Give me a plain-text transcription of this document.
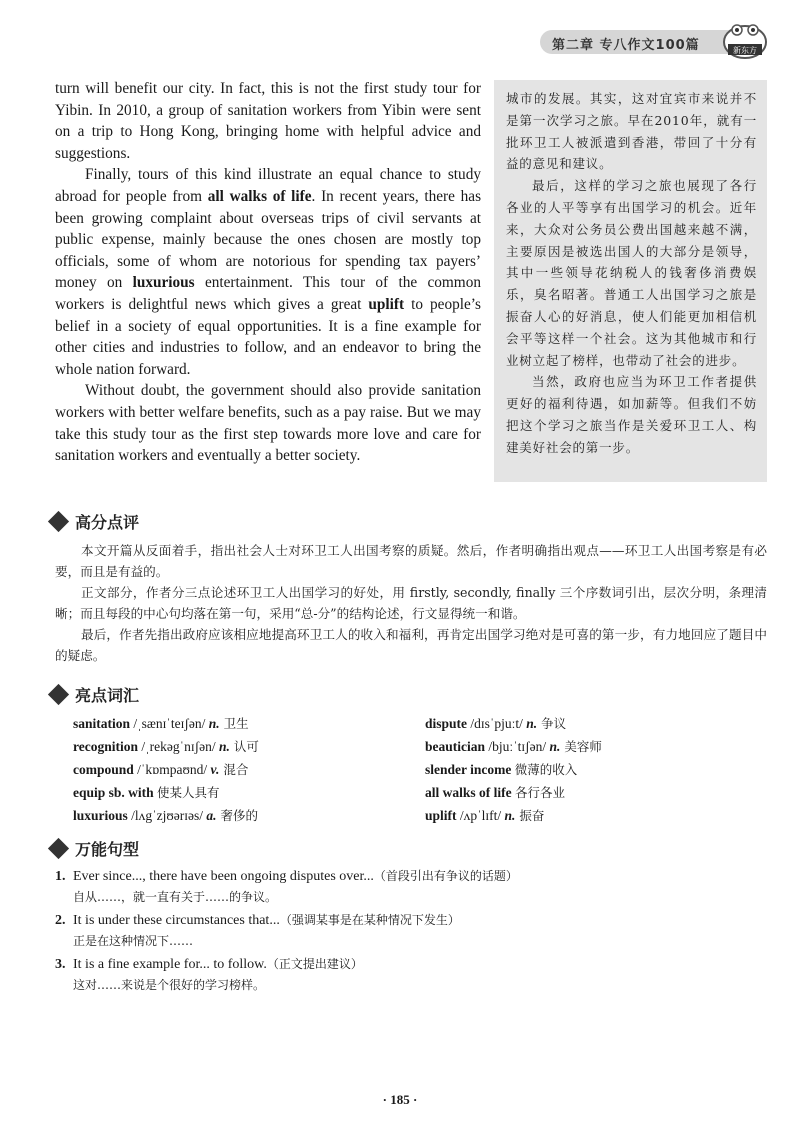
第二章 专八作文100篇	新东方

turn will benefit our city. In fact, this is not the first study tour for Yibin. In 2010, a group of sanitation workers from Yibin were sent on a trip to Hong Kong, bringing home with helpful advice and suggestions.

Finally, tours of this kind illustrate an equal chance to study abroad for people from all walks of life. In recent years, there has been growing complaint about overseas trips of civil servants at public expense, mainly because the ones chosen are mostly top officials, some of whom are notorious for spending tax payers’ money on luxurious entertainment. This tour of the common workers is delightful news which gives a great uplift to people’s belief in a society of equal opportunities. It is a fine example for other cities and industries to follow, and an endeavor to bring the whole nation forward.

Without doubt, the government should also provide sanitation workers with better welfare benefits, such as a pay raise. But we may take this study tour as the first step towards more love and care for sanitation workers and eventually a better society.

城市的发展。其实，这对宜宾市来说并不是第一次学习之旅。早在2010年，就有一批环卫工人被派遣到香港，带回了十分有益的意见和建议。

最后，这样的学习之旅也展现了各行各业的人平等享有出国学习的机会。近年来，大众对公务员公费出国越来越不满，主要原因是被选出国人的大部分是领导，其中一些领导花纳税人的钱奢侈消费娱乐，臭名昭著。普通工人出国学习之旅是振奋人心的好消息，使人们能更加相信机会平等这样一个社会。这为其他城市和行业树立起了榜样，也带动了社会的进步。

当然，政府也应当为环卫工作者提供更好的福利待遇，如加薪等。但我们不妨把这个学习之旅当作是关爱环卫工人、构建美好社会的第一步。

高分点评

本文开篇从反面着手，指出社会人士对环卫工人出国考察的质疑。然后，作者明确指出观点——环卫工人出国考察是有必要，而且是有益的。

正文部分，作者分三点论述环卫工人出国学习的好处，用 firstly, secondly, finally 三个序数词引出，层次分明，条理清晰；而且每段的中心句均落在第一句，采用“总-分”的结构论述，行文显得统一和谐。

最后，作者先指出政府应该相应地提高环卫工人的收入和福利，再肯定出国学习绝对是可喜的第一步，有力地回应了题目中的疑虑。

亮点词汇
sanitation /ˌsænɪˈteɪʃən/ n. 卫生
recognition /ˌrekəgˈnɪʃən/ n. 认可
compound /ˈkɒmpaʊnd/ v. 混合
equip sb. with 使某人具有
luxurious /lʌgˈzjʊərɪəs/ a. 奢侈的
dispute /dɪsˈpjuːt/ n. 争议
beautician /bjuːˈtɪʃən/ n. 美容师
slender income 微薄的收入
all walks of life 各行各业
uplift /ʌpˈlɪft/ n. 振奋
万能句型
1. Ever since..., there have been ongoing disputes over...（首段引出有争议的话题）
自从……，就一直有关于……的争议。
2. It is under these circumstances that...（强调某事是在某种情况下发生）
正是在这种情况下……
3. It is a fine example for... to follow.（正文提出建议）
这对……来说是个很好的学习榜样。
· 185 ·
